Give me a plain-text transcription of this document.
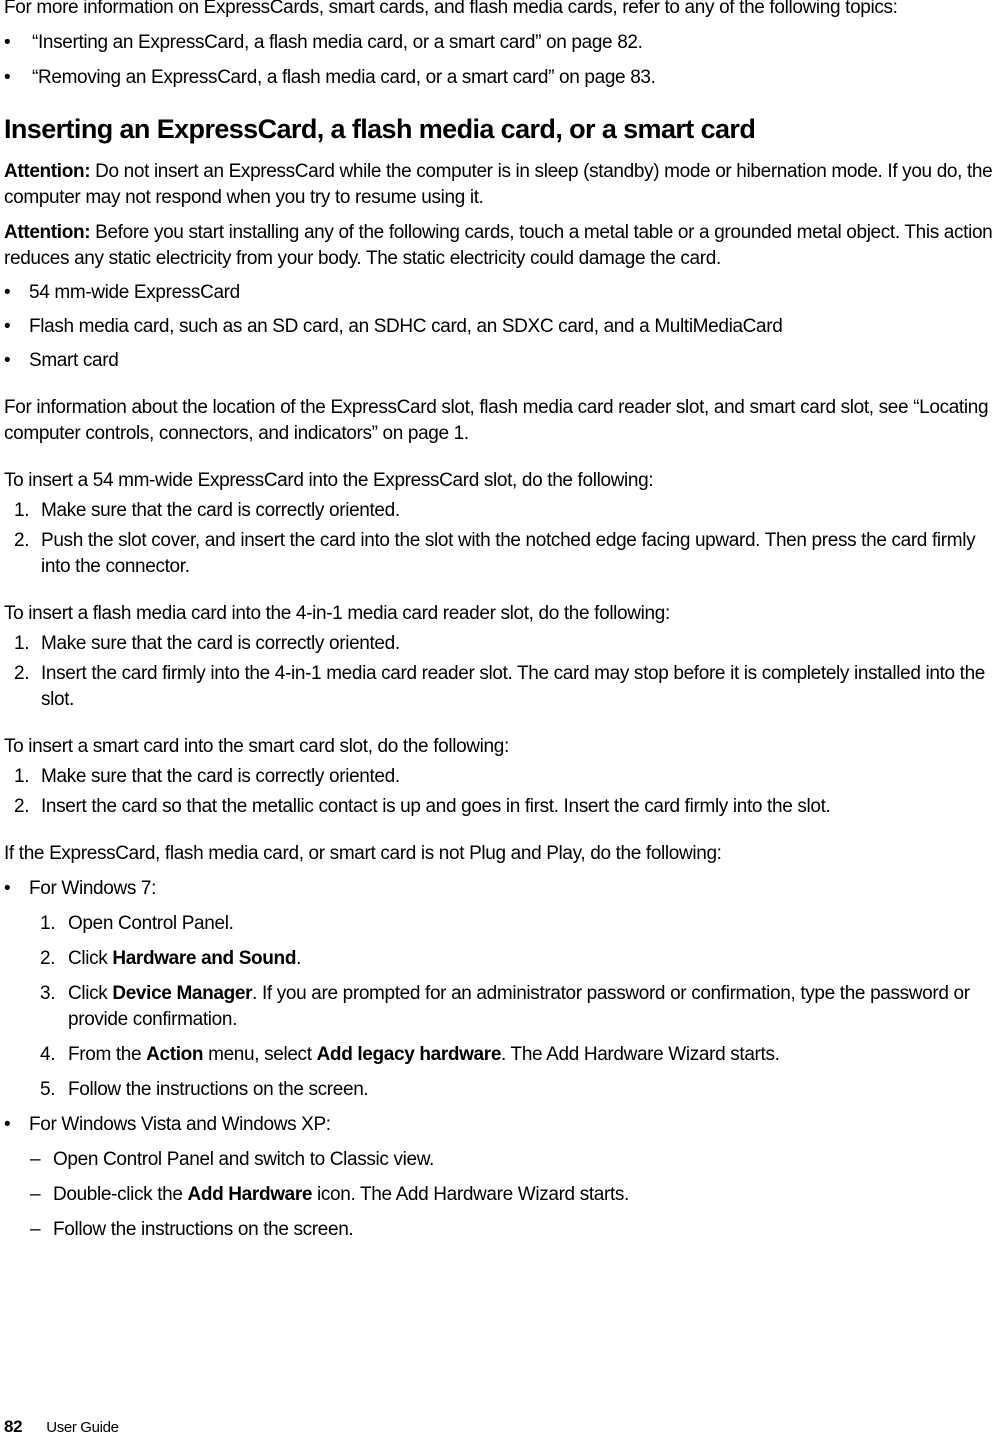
For more information on ExpressCards, smart cards, and flash media cards, refer to any of the following topics:

• “Inserting an ExpressCard, a flash media card, or a smart card” on page 82.
• “Removing an ExpressCard, a flash media card, or a smart card” on page 83.
Inserting an ExpressCard, a flash media card, or a smart card

Attention: Do not insert an ExpressCard while the computer is in sleep (standby) mode or hibernation mode. If you do, the computer may not respond when you try to resume using it.

Attention: Before you start installing any of the following cards, touch a metal table or a grounded metal object. This action reduces any static electricity from your body. The static electricity could damage the card.

• 54 mm-wide ExpressCard
• Flash media card, such as an SD card, an SDHC card, an SDXC card, and a MultiMediaCard
• Smart card

For information about the location of the ExpressCard slot, flash media card reader slot, and smart card slot, see “Locating computer controls, connectors, and indicators” on page 1.

To insert a 54 mm-wide ExpressCard into the ExpressCard slot, do the following:

1. Make sure that the card is correctly oriented.
2. Push the slot cover, and insert the card into the slot with the notched edge facing upward. Then press the card firmly into the connector.

To insert a flash media card into the 4-in-1 media card reader slot, do the following:

1. Make sure that the card is correctly oriented.
2. Insert the card firmly into the 4-in-1 media card reader slot. The card may stop before it is completely installed into the slot.

To insert a smart card into the smart card slot, do the following:

1. Make sure that the card is correctly oriented.
2. Insert the card so that the metallic contact is up and goes in first. Insert the card firmly into the slot.

If the ExpressCard, flash media card, or smart card is not Plug and Play, do the following:

• For Windows 7:
1. Open Control Panel.
2. Click Hardware and Sound.
3. Click Device Manager. If you are prompted for an administrator password or confirmation, type the password or provide confirmation.
4. From the Action menu, select Add legacy hardware. The Add Hardware Wizard starts.
5. Follow the instructions on the screen.
• For Windows Vista and Windows XP:
– Open Control Panel and switch to Classic view.
– Double-click the Add Hardware icon. The Add Hardware Wizard starts.
– Follow the instructions on the screen.
82 User Guide
